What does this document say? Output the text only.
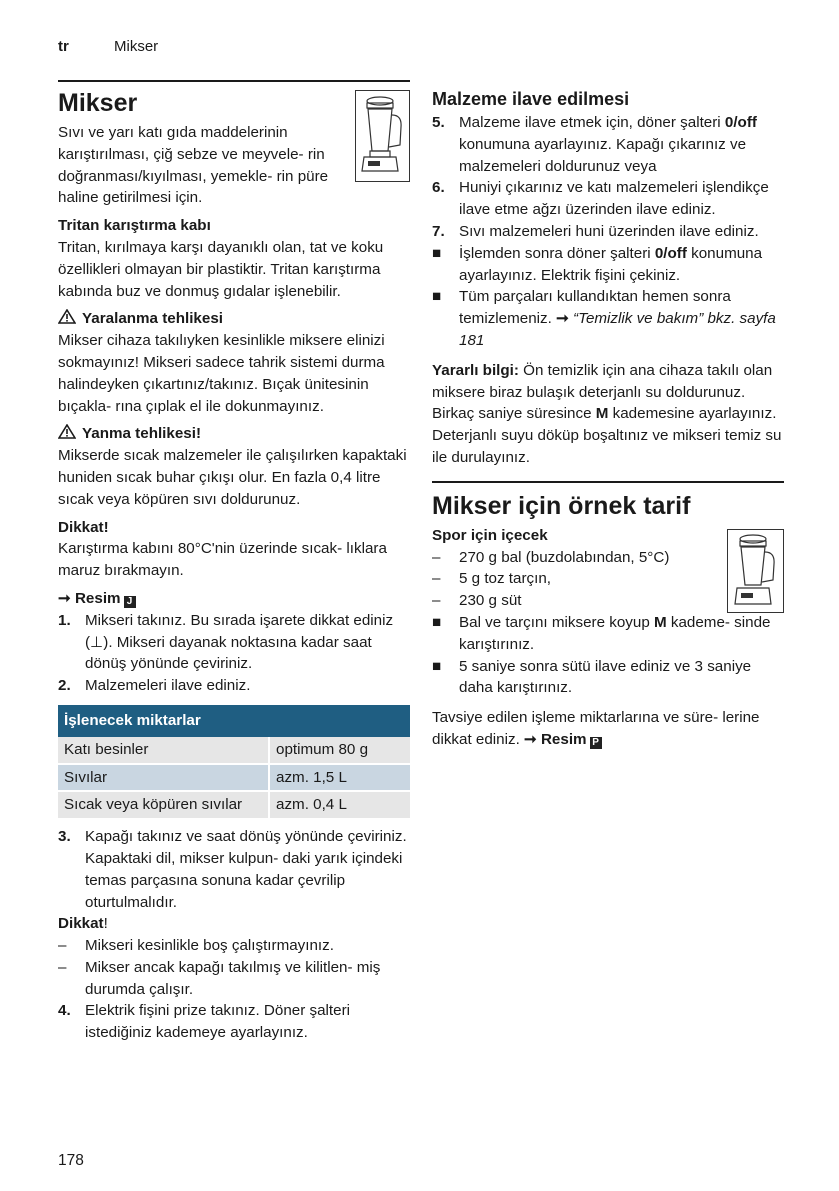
tr	Mikser
Mikser

Sıvı ve yarı katı gıda maddelerinin karıştırılması, çiğ sebze ve meyvele- rin doğranması/kıyılması, yemekle- rin püre haline getirilmesi için.

Tritan karıştırma kabı

Tritan, kırılmaya karşı dayanıklı olan, tat ve koku özellikleri olmayan bir plastiktir. Tritan karıştırma kabında buz ve donmuş gıdalar işlenebilir.

Yaralanma tehlikesi

Mikser cihaza takılıyken kesinlikle miksere elinizi sokmayınız! Mikseri sadece tahrik sistemi durma halindeyken çıkartınız/takınız. Bıçak ünitesinin bıçakla- rına çıplak el ile dokunmayınız.

Yanma tehlikesi!

Mikserde sıcak malzemeler ile çalışılırken kapaktaki huniden sıcak buhar çıkışı olur. En fazla 0,4 litre sıcak veya köpüren sıvı doldurunuz.

Dikkat!

Karıştırma kabını 80°C'nin üzerinde sıcak- lıklara maruz bırakmayın.

➞ Resim J
1. Mikseri takınız. Bu sırada işarete dikkat ediniz (⊥). Mikseri dayanak noktasına kadar saat dönüş yönünde çeviriniz.
2. Malzemeleri ilave ediniz.
İşlenecek miktarlar	
Katı besinler	optimum 80 g
Sıvılar	azm. 1,5 L
Sıcak veya köpüren sıvılar	azm. 0,4 L
3. Kapağı takınız ve saat dönüş yönünde çeviriniz. Kapaktaki dil, mikser kulpun- daki yarık içindeki temas parçasına sonuna kadar çevrilip oturtulmalıdır.
Dikkat!
– Mikseri kesinlikle boş çalıştırmayınız.
– Mikser ancak kapağı takılmış ve kilitlen- miş durumda çalışır.
4. Elektrik fişini prize takınız. Döner şalteri istediğiniz kademeye ayarlayınız.
Malzeme ilave edilmesi
5. Malzeme ilave etmek için, döner şalteri 0/off konumuna ayarlayınız. Kapağı çıkarınız ve malzemeleri doldurunuz veya
6. Huniyi çıkarınız ve katı malzemeleri işlendikçe ilave etme ağzı üzerinden ilave ediniz.
7. Sıvı malzemeleri huni üzerinden ilave ediniz.
■ İşlemden sonra döner şalteri 0/off konumuna ayarlayınız. Elektrik fişini çekiniz.
■ Tüm parçaları kullandıktan hemen sonra temizlemeniz. ➞ “Temizlik ve bakım” bkz. sayfa 181

Yararlı bilgi: Ön temizlik için ana cihaza takılı olan miksere biraz bulaşık deterjanlı su doldurunuz. Birkaç saniye süresince M kademesine ayarlayınız. Deterjanlı suyu döküp boşaltınız ve mikseri temiz su ile durulayınız.

Mikser için örnek tarif
Spor için içecek
– 270 g bal (buzdolabından, 5°C)
– 5 g toz tarçın,
– 230 g süt
■ Bal ve tarçını miksere koyup M kademe- sinde karıştırınız.
■ 5 saniye sonra sütü ilave ediniz ve 3 saniye daha karıştırınız.

Tavsiye edilen işleme miktarlarına ve süre- lerine dikkat ediniz. ➞ Resim P

178
